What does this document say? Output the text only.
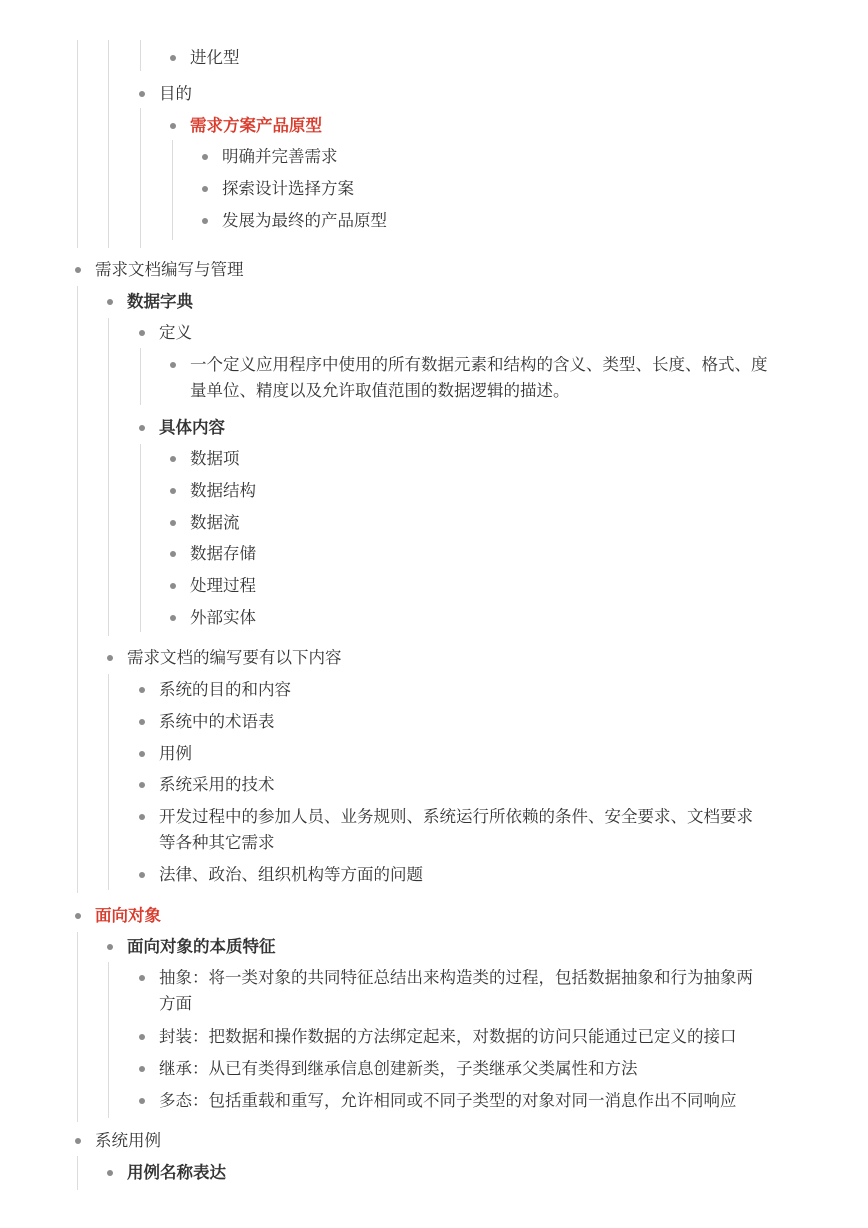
进化型
目的
需求方案产品原型
明确并完善需求
探索设计选择方案
发展为最终的产品原型
需求文档编写与管理
数据字典
定义
一个定义应用程序中使用的所有数据元素和结构的含义、类型、长度、格式、度
量单位、精度以及允许取值范围的数据逻辑的描述。
具体内容
数据项
数据结构
数据流
数据存储
处理过程
外部实体
需求文档的编写要有以下内容
系统的目的和内容
系统中的术语表
用例
系统采用的技术
开发过程中的参加人员、业务规则、系统运行所依赖的条件、安全要求、文档要求
等各种其它需求
法律、政治、组织机构等方面的问题
面向对象
面向对象的本质特征
抽象：将一类对象的共同特征总结出来构造类的过程，包括数据抽象和行为抽象两
方面
封装：把数据和操作数据的方法绑定起来，对数据的访问只能通过已定义的接口
继承：从已有类得到继承信息创建新类，子类继承父类属性和方法
多态：包括重载和重写，允许相同或不同子类型的对象对同一消息作出不同响应
系统用例
用例名称表达
